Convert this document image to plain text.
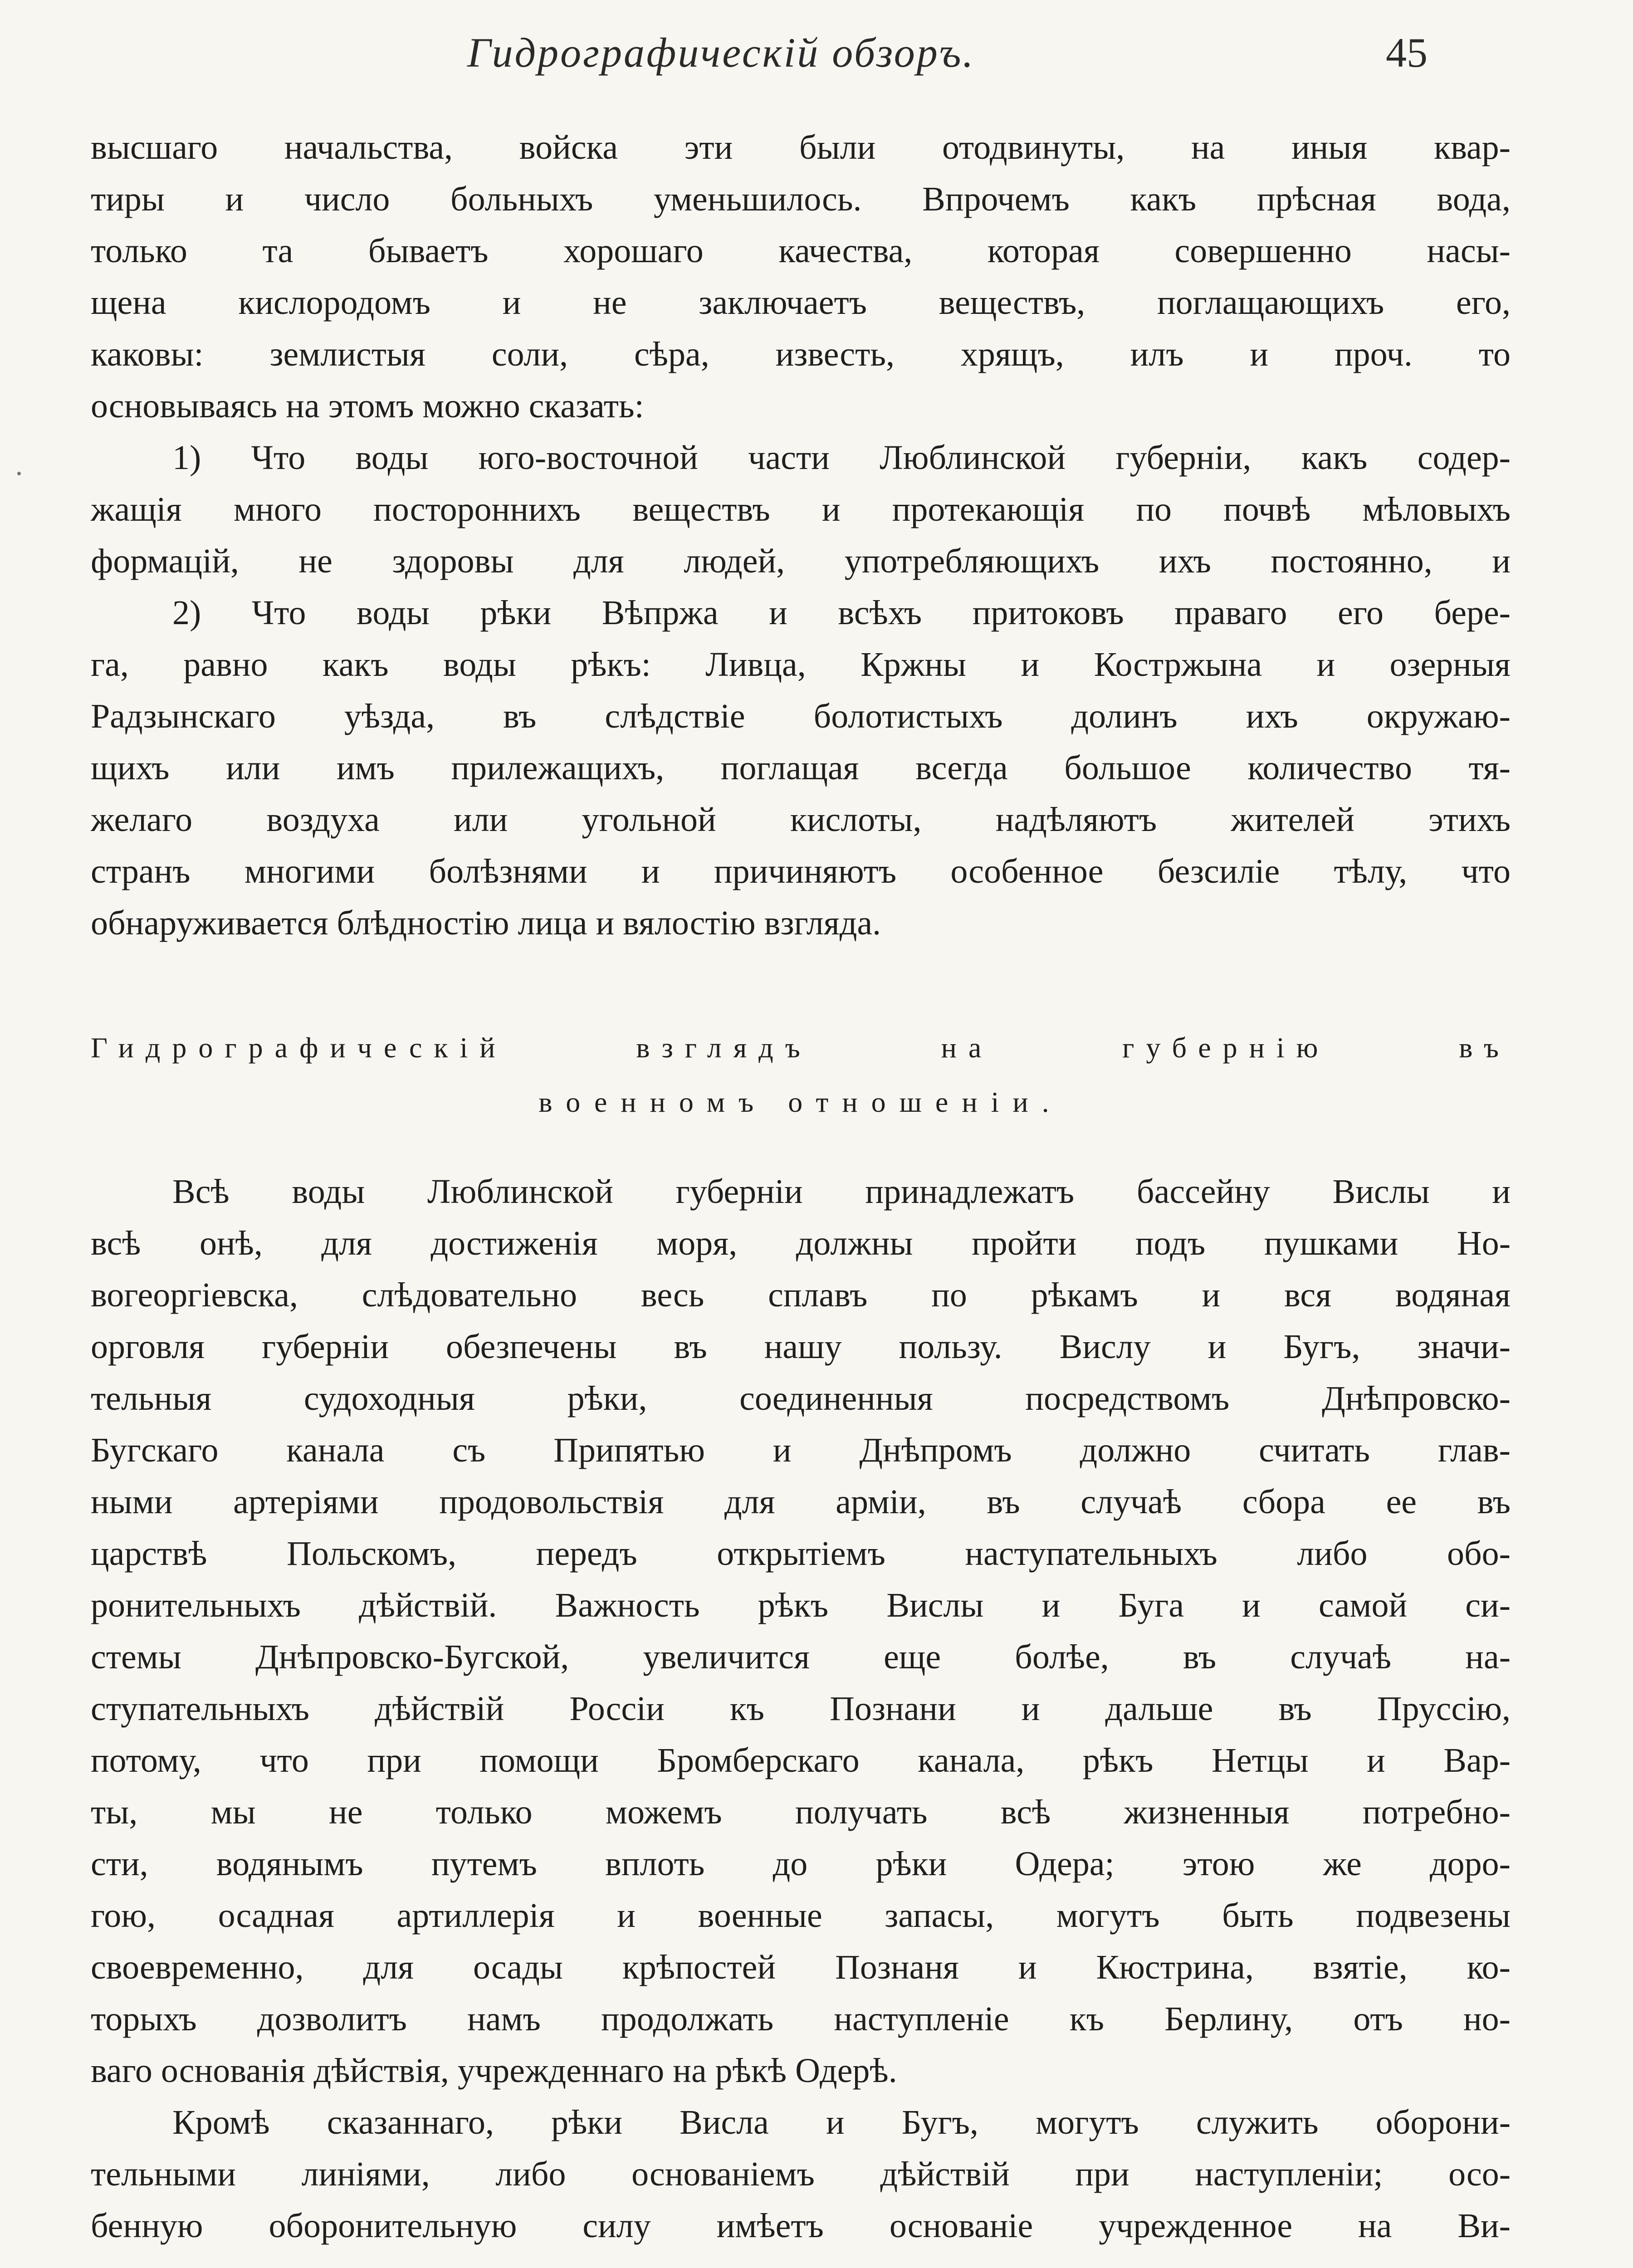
Гидрографическій обзоръ.	45
высшаго начальства, войска эти были отодвинуты, на иныя квар-
тиры и число больныхъ уменьшилось. Впрочемъ какъ прѣсная вода,
только та бываетъ хорошаго качества, которая совершенно насы-
щена кислородомъ и не заключаетъ веществъ, поглащающихъ его,
каковы: землистыя соли, сѣра, известь, хрящъ, илъ и проч. то
основываясь на этомъ можно сказать:
1) Что воды юго-восточной части Люблинской губерніи, какъ содер-
жащія много постороннихъ веществъ и протекающія по почвѣ мѣловыхъ
формацій, не здоровы для людей, употребляющихъ ихъ постоянно, и
2) Что воды рѣки Вѣпржа и всѣхъ притоковъ праваго его бере-
га, равно какъ воды рѣкъ: Ливца, Кржны и Костржына и озерныя
Радзынскаго уѣзда, въ слѣдствіе болотистыхъ долинъ ихъ окружаю-
щихъ или имъ прилежащихъ, поглащая всегда большое количество тя-
желаго воздуха или угольной кислоты, надѣляютъ жителей этихъ
странъ многими болѣзнями и причиняютъ особенное безсиліе тѣлу, что
обнаруживается блѣдностію лица и вялостію взгляда.
Гидрографическій взглядъ на губернію въ
военномъ отношеніи.
Всѣ воды Люблинской губерніи принадлежатъ бассейну Вислы и
всѣ онѣ, для достиженія моря, должны пройти подъ пушками Но-
вогеоргіевска, слѣдовательно весь сплавъ по рѣкамъ и вся водяная
орговля губерніи обезпечены въ нашу пользу. Вислу и Бугъ, значи-
тельныя судоходныя рѣки, соединенныя посредствомъ Днѣпровско-
Бугскаго канала съ Припятью и Днѣпромъ должно считать глав-
ными артеріями продовольствія для арміи, въ случаѣ сбора ее въ
царствѣ Польскомъ, передъ открытіемъ наступательныхъ либо обо-
ронительныхъ дѣйствій. Важность рѣкъ Вислы и Буга и самой си-
стемы Днѣпровско-Бугской, увеличится еще болѣе, въ случаѣ на-
ступательныхъ дѣйствій Россіи къ Познани и дальше въ Пруссію,
потому, что при помощи Бромберскаго канала, рѣкъ Нетцы и Вар-
ты, мы не только можемъ получать всѣ жизненныя потребно-
сти, водянымъ путемъ вплоть до рѣки Одера; этою же доро-
гою, осадная артиллерія и военные запасы, могутъ быть подвезены
своевременно, для осады крѣпостей Познаня и Кюстрина, взятіе, ко-
торыхъ дозволитъ намъ продолжать наступленіе къ Берлину, отъ но-
ваго основанія дѣйствія, учрежденнаго на рѣкѣ Одерѣ.
Кромѣ сказаннаго, рѣки Висла и Бугъ, могутъ служить оборони-
тельными линіями, либо основаніемъ дѣйствій при наступленіи; осо-
бенную оборонительную силу имѣетъ основаніе учрежденное на Ви-
